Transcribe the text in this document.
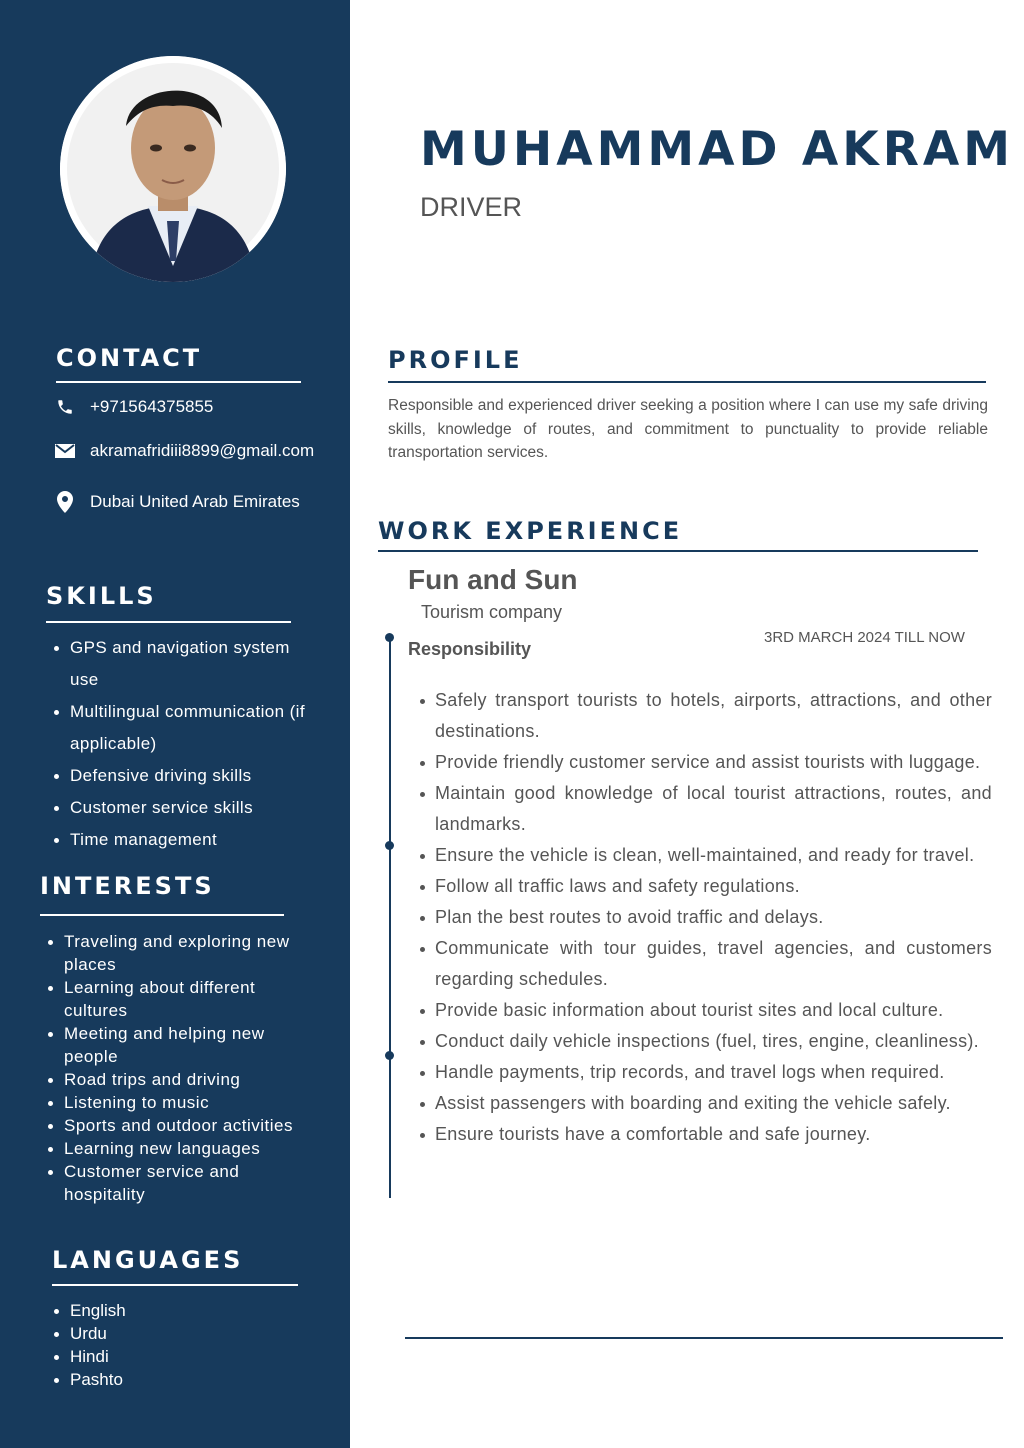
CONTACT
+971564375855
akramafridiii8899@gmail.com
Dubai United Arab Emirates
SKILLS
GPS and navigation system use
Multilingual communication (if applicable)
Defensive driving skills
Customer service skills
Time management
INTERESTS
Traveling and exploring new places
Learning about different cultures
Meeting and helping new people
Road trips and driving
Listening to music
Sports and outdoor activities
Learning new languages
Customer service and hospitality
LANGUAGES
English
Urdu
Hindi
Pashto
MUHAMMAD AKRAM
DRIVER
PROFILE

Responsible and experienced driver seeking a position where I can use my safe driving skills, knowledge of routes, and commitment to punctuality to provide reliable transportation services.

WORK EXPERIENCE
Fun and Sun
Tourism company
3RD MARCH 2024 TILL NOW
Responsibility
Safely transport tourists to hotels, airports, attractions, and other destinations.
Provide friendly customer service and assist tourists with luggage.
Maintain good knowledge of local tourist attractions, routes, and landmarks.
Ensure the vehicle is clean, well-maintained, and ready for travel.
Follow all traffic laws and safety regulations.
Plan the best routes to avoid traffic and delays.
Communicate with tour guides, travel agencies, and customers regarding schedules.
Provide basic information about tourist sites and local culture.
Conduct daily vehicle inspections (fuel, tires, engine, cleanliness).
Handle payments, trip records, and travel logs when required.
Assist passengers with boarding and exiting the vehicle safely.
Ensure tourists have a comfortable and safe journey.
